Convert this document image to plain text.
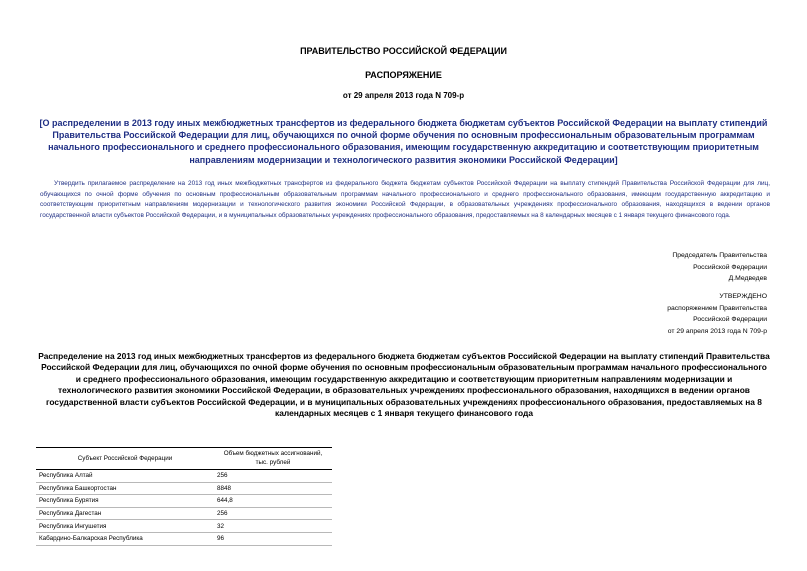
ПРАВИТЕЛЬСТВО РОССИЙСКОЙ ФЕДЕРАЦИИ
РАСПОРЯЖЕНИЕ
от 29 апреля 2013 года N 709-р
[О распределении в 2013 году иных межбюджетных трансфертов из федерального бюджета бюджетам субъектов Российской Федерации на выплату стипендий Правительства Российской Федерации для лиц, обучающихся по очной форме обучения по основным профессиональным образовательным программам начального профессионального и среднего профессионального образования, имеющим государственную аккредитацию и соответствующим приоритетным направлениям модернизации и технологического развития экономики Российской Федерации]
Утвердить прилагаемое распределение на 2013 год иных межбюджетных трансфертов из федерального бюджета бюджетам субъектов Российской Федерации на выплату стипендий Правительства Российской Федерации для лиц, обучающихся по очной форме обучения по основным профессиональным образовательным программам начального профессионального и среднего профессионального образования, имеющим государственную аккредитацию и соответствующим приоритетным направлениям модернизации и технологического развития экономики Российской Федерации, в образовательных учреждениях профессионального образования, находящихся в ведении органов государственной власти субъектов Российской Федерации, и в муниципальных образовательных учреждениях профессионального образования, предоставляемых на 8 календарных месяцев с 1 января текущего финансового года.
Председатель Правительства
Российской Федерации
Д.Медведев
УТВЕРЖДЕНО
распоряжением Правительства
Российской Федерации
от 29 апреля 2013 года N 709-р
Распределение на 2013 год иных межбюджетных трансфертов из федерального бюджета бюджетам субъектов Российской Федерации на выплату стипендий Правительства Российской Федерации для лиц, обучающихся по очной форме обучения по основным профессиональным образовательным программам начального профессионального и среднего профессионального образования, имеющим государственную аккредитацию и соответствующим приоритетным направлениям модернизации и технологического развития экономики Российской Федерации, в образовательных учреждениях профессионального образования, находящихся в ведении органов государственной власти субъектов Российской Федерации, и в муниципальных образовательных учреждениях профессионального образования, предоставляемых на 8 календарных месяцев с 1 января текущего финансового года
Субъект Российской Федерации	Объем бюджетных ассигнований,
тыс. рублей

Республика Алтай	256
Республика Башкортостан	8848
Республика Бурятия	644,8
Республика Дагестан	256
Республика Ингушетия	32
Кабардино-Балкарская Республика	96
